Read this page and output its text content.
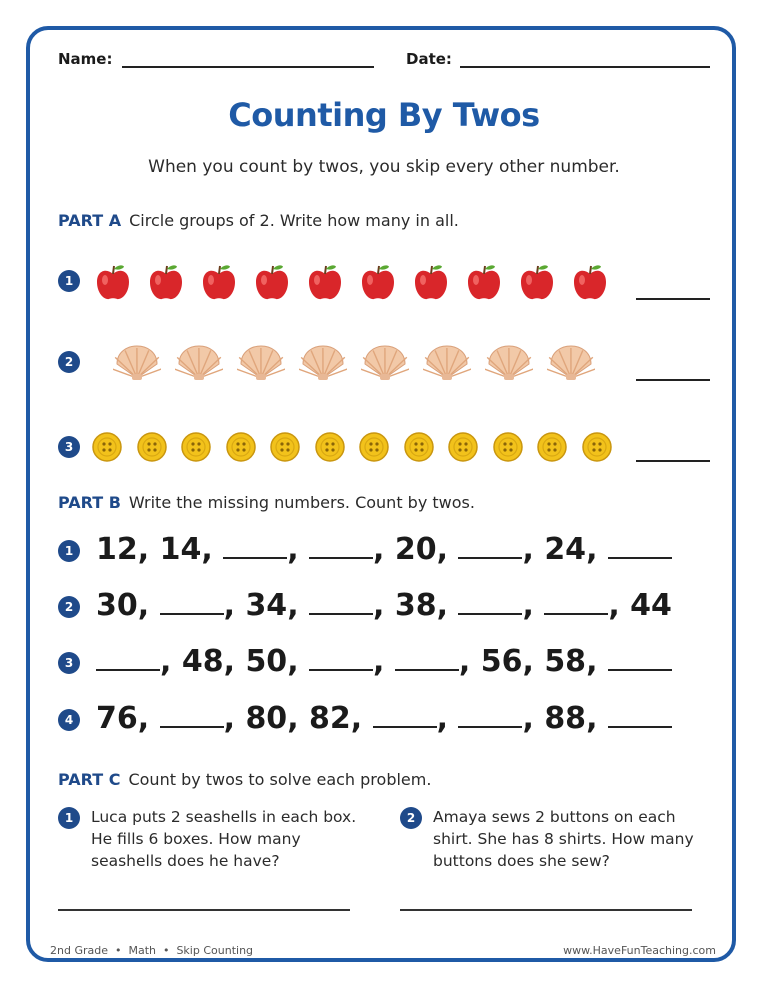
Name:	Date:
Counting By Twos
When you count by twos, you skip every other number.
PART A Circle groups of 2. Write how many in all.
1
2
3
PART B Write the missing numbers. Count by twos.
1 12, 14, , , 20, , 24,
2 30, , 34, , 38, , , 44
3	, 48, 50, , , 56, 58,
4 76, , 80, 82, , , 88,
PART C Count by twos to solve each problem.
1	Luca puts 2 seashells in each box. He fills 6 boxes. How many seashells does he have?
2	Amaya sews 2 buttons on each shirt. She has 8 shirts. How many buttons does she sew?
2nd Grade  •  Math  •  Skip Counting	www.HaveFunTeaching.com
